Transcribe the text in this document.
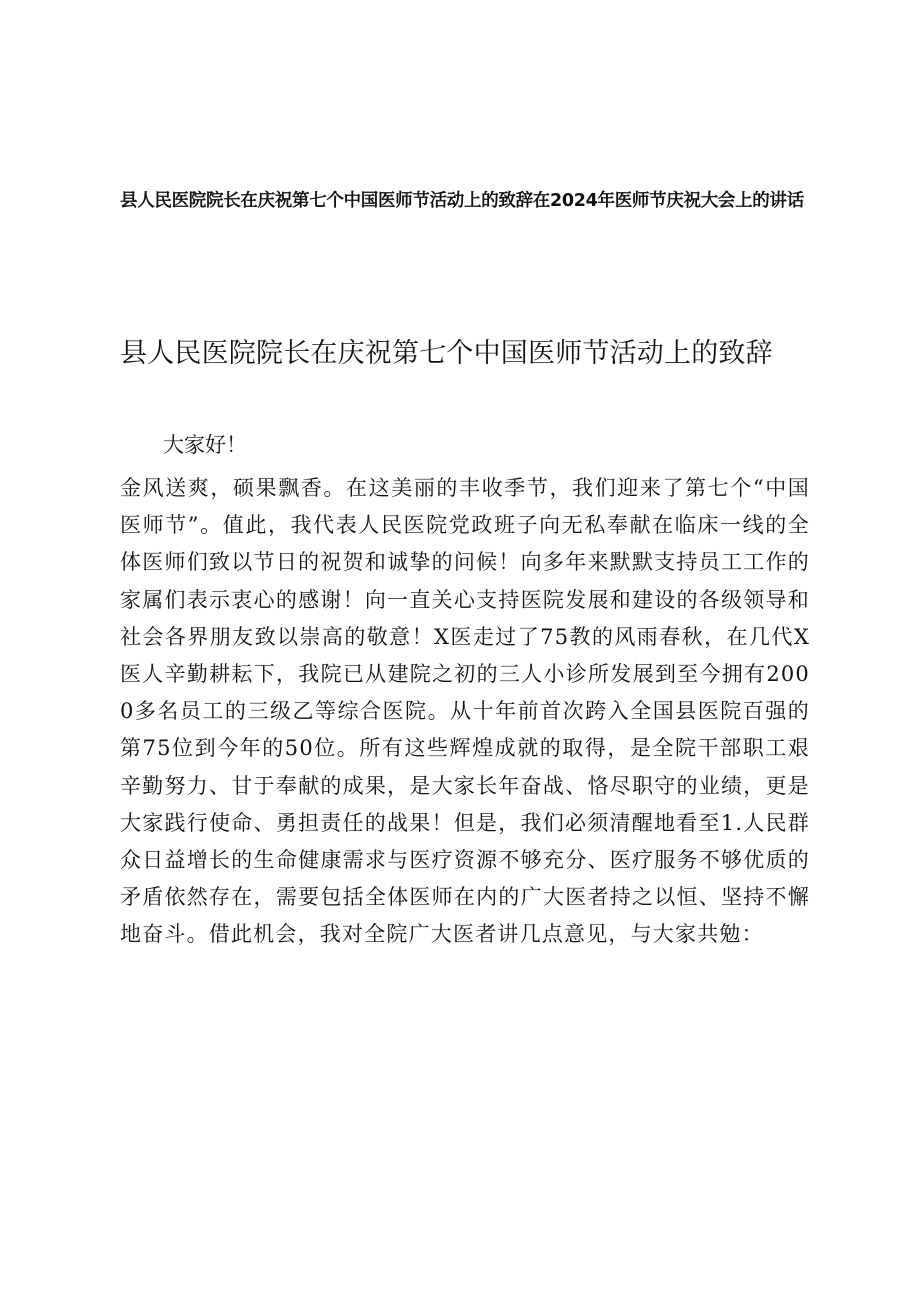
县人民医院院长在庆祝第七个中国医师节活动上的致辞在2024年医师节庆祝大会上的讲话

县人民医院院长在庆祝第七个中国医师节活动上的致辞

大家好！

金风送爽，硕果飘香。在这美丽的丰收季节，我们迎来了第七个“中国医师节”。值此，我代表人民医院党政班子向无私奉献在临床一线的全体医师们致以节日的祝贺和诚挚的问候！向多年来默默支持员工工作的家属们表示衷心的感谢！向一直关心支持医院发展和建设的各级领导和社会各界朋友致以崇高的敬意！X医走过了75教的风雨春秋，在几代X医人辛勤耕耘下，我院已从建院之初的三人小诊所发展到至今拥有2000多名员工的三级乙等综合医院。从十年前首次跨入全国县医院百强的第75位到今年的50位。所有这些辉煌成就的取得，是全院干部职工艰辛勤努力、甘于奉献的成果，是大家长年奋战、恪尽职守的业绩，更是大家践行使命、勇担责任的战果！但是，我们必须清醒地看至1.人民群众日益增长的生命健康需求与医疗资源不够充分、医疗服务不够优质的矛盾依然存在，需要包括全体医师在内的广大医者持之以恒、坚持不懈地奋斗。借此机会，我对全院广大医者讲几点意见，与大家共勉：
